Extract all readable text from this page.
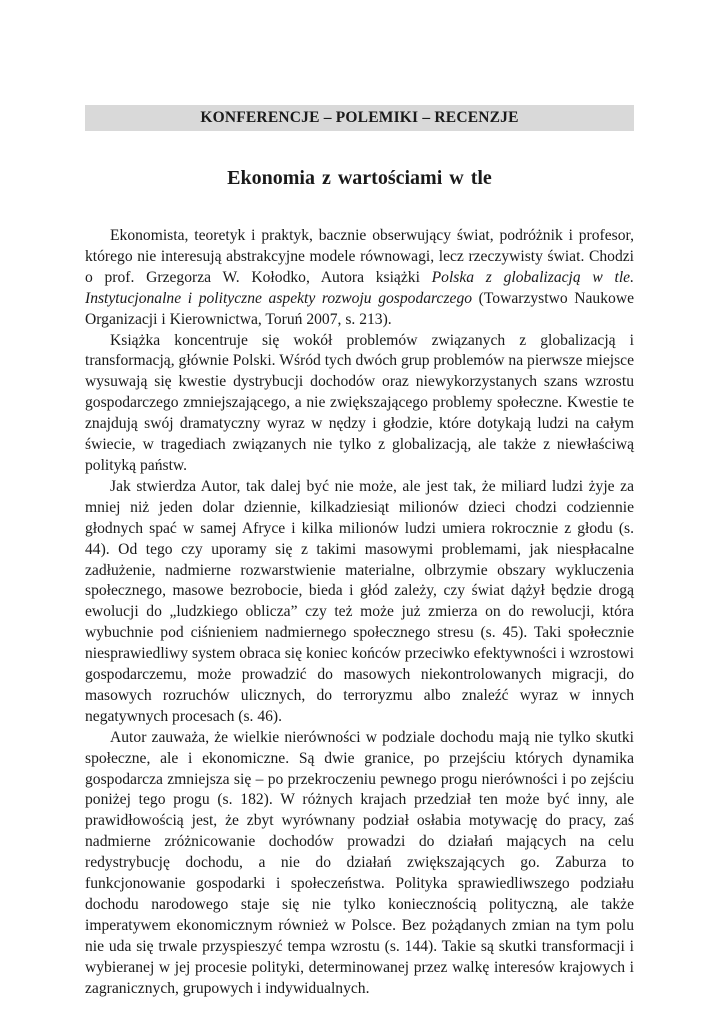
KONFERENCJE – POLEMIKI – RECENZJE
Ekonomia z wartościami w tle

Ekonomista, teoretyk i praktyk, bacznie obserwujący świat, podróżnik i profesor, którego nie interesują abstrakcyjne modele równowagi, lecz rzeczywisty świat. Chodzi o prof. Grzegorza W. Kołodko, Autora książki Polska z globalizacją w tle. Instytucjonalne i polityczne aspekty rozwoju gospodarczego (Towarzystwo Naukowe Organizacji i Kierownictwa, Toruń 2007, s. 213).

Książka koncentruje się wokół problemów związanych z globalizacją i transformacją, głównie Polski. Wśród tych dwóch grup problemów na pierwsze miejsce wysuwają się kwestie dystrybucji dochodów oraz niewykorzystanych szans wzrostu gospodarczego zmniejszającego, a nie zwiększającego problemy społeczne. Kwestie te znajdują swój dramatyczny wyraz w nędzy i głodzie, które dotykają ludzi na całym świecie, w tragediach związanych nie tylko z globalizacją, ale także z niewłaściwą polityką państw.

Jak stwierdza Autor, tak dalej być nie może, ale jest tak, że miliard ludzi żyje za mniej niż jeden dolar dziennie, kilkadziesiąt milionów dzieci chodzi codziennie głodnych spać w samej Afryce i kilka milionów ludzi umiera rokrocznie z głodu (s. 44). Od tego czy uporamy się z takimi masowymi problemami, jak niespłacalne zadłużenie, nadmierne rozwarstwienie materialne, olbrzymie obszary wykluczenia społecznego, masowe bezrobocie, bieda i głód zależy, czy świat dążył będzie drogą ewolucji do „ludzkiego oblicza” czy też może już zmierza on do rewolucji, która wybuchnie pod ciśnieniem nadmiernego społecznego stresu (s. 45). Taki społecznie niesprawiedliwy system obraca się koniec końców przeciwko efektywności i wzrostowi gospodarczemu, może prowadzić do masowych niekontrolowanych migracji, do masowych rozruchów ulicznych, do terroryzmu albo znaleźć wyraz w innych negatywnych procesach (s. 46).

Autor zauważa, że wielkie nierówności w podziale dochodu mają nie tylko skutki społeczne, ale i ekonomiczne. Są dwie granice, po przejściu których dynamika gospodarcza zmniejsza się – po przekroczeniu pewnego progu nierówności i po zejściu poniżej tego progu (s. 182). W różnych krajach przedział ten może być inny, ale prawidłowością jest, że zbyt wyrównany podział osłabia motywację do pracy, zaś nadmierne zróżnicowanie dochodów prowadzi do działań mających na celu redystrybucję dochodu, a nie do działań zwiększających go. Zaburza to funkcjonowanie gospodarki i społeczeństwa. Polityka sprawiedliwszego podziału dochodu narodowego staje się nie tylko koniecznością polityczną, ale także imperatywem ekonomicznym również w Polsce. Bez pożądanych zmian na tym polu nie uda się trwale przyspieszyć tempa wzrostu (s. 144). Takie są skutki transformacji i wybieranej w jej procesie polityki, determinowanej przez walkę interesów krajowych i zagranicznych, grupowych i indywidualnych.
